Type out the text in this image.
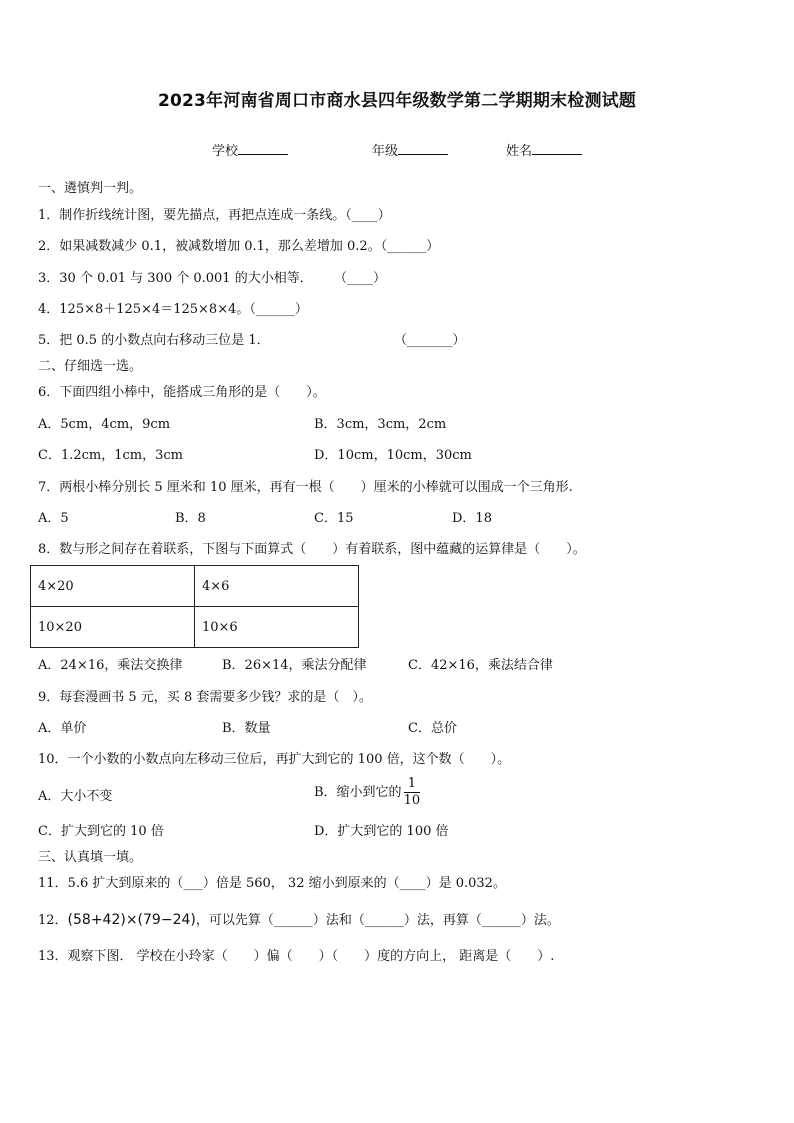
2023年河南省周口市商水县四年级数学第二学期期末检测试题
学校	年级	姓名
一、遴慎判一判。
1．制作折线统计图，要先描点，再把点连成一条线。（____）
2．如果减数减少 0.1，被减数增加 0.1，那么差增加 0.2。（______）
3．30 个 0.01 与 300 个 0.001 的大小相等． （____）
4．125×8＋125×4＝125×8×4。（______）
5．把 0.5 的小数点向右移动三位是 1．	（_______）
二、仔细选一选。
6．下面四组小棒中，能搭成三角形的是（　　）。
A．5cm，4cm，9cm	B．3cm，3cm，2cm
C．1.2cm，1cm，3cm	D．10cm，10cm，30cm
7．两根小棒分别长 5 厘米和 10 厘米，再有一根（　　）厘米的小棒就可以围成一个三角形.
A．5	B．8	C．15	D．18
8．数与形之间存在着联系，下图与下面算式（　　）有着联系，图中蕴藏的运算律是（　　）。
4×20	4×6
10×20	10×6
A．24×16，乘法交换律	B．26×14，乘法分配律	C．42×16，乘法结合律
9．每套漫画书 5 元，买 8 套需要多少钱？求的是（　）。
A．单价	B．数量	C．总价
10．一个小数的小数点向左移动三位后，再扩大到它的 100 倍，这个数（　　）。
A．大小不变	B．缩小到它的 $\frac{1}{10}$
C．扩大到它的 10 倍	D．扩大到它的 100 倍
三、认真填一填。
11．5.6 扩大到原来的（___）倍是 560， 32 缩小到原来的（____）是 0.032。
12．(58+42)×(79−24)，可以先算（______）法和（______）法，再算（______）法。
13．观察下图． 学校在小玲家（　　）偏（　　）（　　）度的方向上， 距离是（　　）.
